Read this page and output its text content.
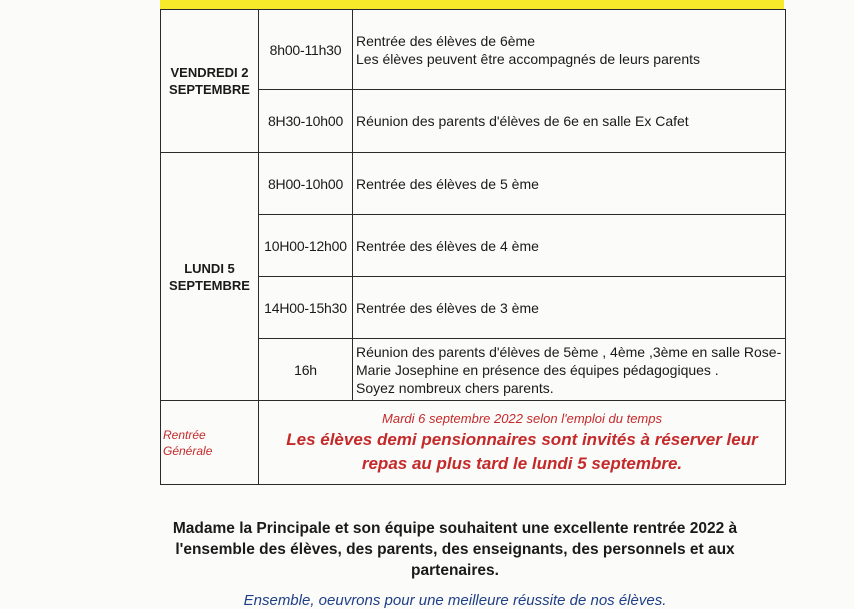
VENDREDI 2
SEPTEMBRE	8h00-11h30	Rentrée des élèves de 6ème
Les élèves peuvent être accompagnés de leurs parents

	8H30-10h00	Réunion des parents d'élèves de 6e en salle Ex Cafet

LUNDI 5
SEPTEMBRE	8H00-10h00	Rentrée des élèves de 5 ème

	10H00-12h00	Rentrée des élèves de 4 ème

	14H00-15h30	Rentrée des élèves de 3 ème

	16h	Réunion des parents d'élèves de 5ème , 4ème ,3ème en salle Rose-
Marie Josephine en présence des équipes pédagogiques .
Soyez nombreux chers parents.

Rentrée
Générale	Mardi 6 septembre 2022 selon l'emploi du temps
Les élèves demi pensionnaires sont invités à réserver leur
repas au plus tard le lundi 5 septembre.	
Madame la Principale et son équipe souhaitent une excellente rentrée 2022 à
l'ensemble des élèves, des parents, des enseignants, des personnels et aux
partenaires.
Ensemble, oeuvrons pour une meilleure réussite de nos élèves.
